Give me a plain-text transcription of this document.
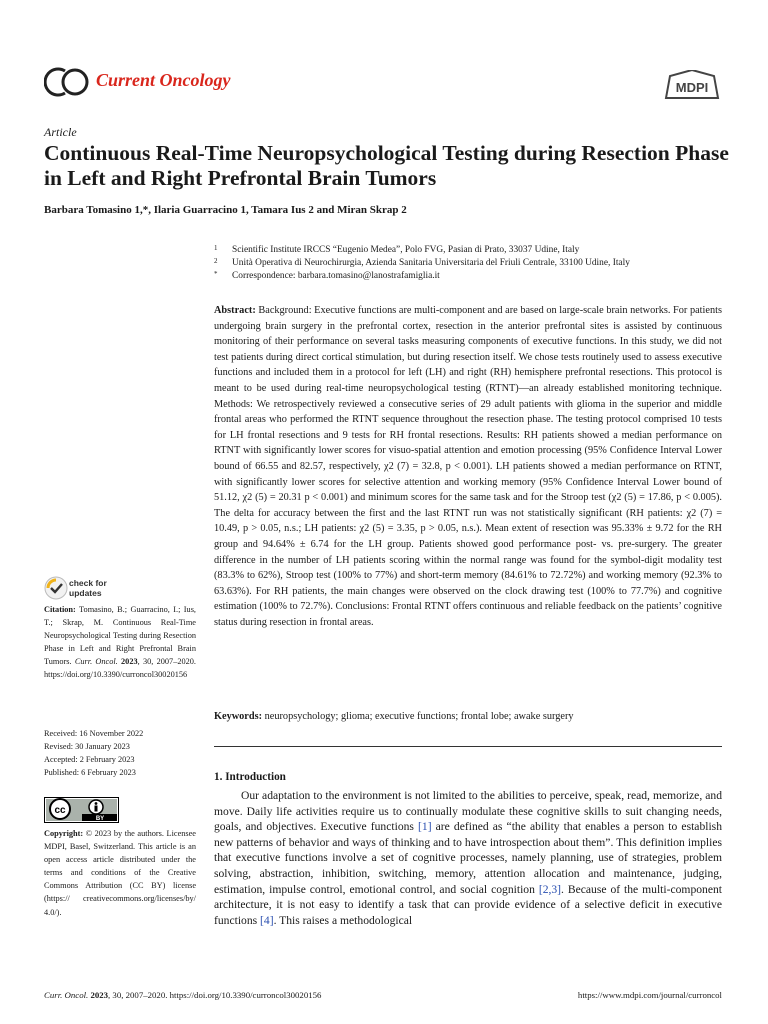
Current Oncology	MDPI
Article
Continuous Real-Time Neuropsychological Testing during Resection Phase in Left and Right Prefrontal Brain Tumors
Barbara Tomasino 1,*, Ilaria Guarracino 1, Tamara Ius 2 and Miran Skrap 2
1 Scientific Institute IRCCS “Eugenio Medea”, Polo FVG, Pasian di Prato, 33037 Udine, Italy
2 Unità Operativa di Neurochirurgia, Azienda Sanitaria Universitaria del Friuli Centrale, 33100 Udine, Italy
* Correspondence: barbara.tomasino@lanostrafamiglia.it
Abstract: Background: Executive functions are multi-component and are based on large-scale brain networks. For patients undergoing brain surgery in the prefrontal cortex, resection in the anterior prefrontal sites is assisted by continuous monitoring of their performance on several tasks measuring components of executive functions. In this study, we did not test patients during direct cortical stimulation, but during resection itself. We chose tests routinely used to assess executive functions and included them in a protocol for left (LH) and right (RH) hemisphere prefrontal resections. This protocol is meant to be used during real-time neuropsychological testing (RTNT)—an already established monitoring technique. Methods: We retrospectively reviewed a consecutive series of 29 adult patients with glioma in the superior and middle frontal areas who performed the RTNT sequence throughout the resection phase. The testing protocol comprised 10 tests for LH frontal resections and 9 tests for RH frontal resections. Results: RH patients showed a median performance on RTNT with significantly lower scores for visuo-spatial attention and emotion processing (95% Confidence Interval Lower bound of 66.55 and 82.57, respectively, χ2 (7) = 32.8, p < 0.001). LH patients showed a median performance on RTNT, with significantly lower scores for selective attention and working memory (95% Confidence Interval Lower bound of 51.12, χ2 (5) = 20.31 p < 0.001) and minimum scores for the same task and for the Stroop test (χ2 (5) = 17.86, p < 0.005). The delta for accuracy between the first and the last RTNT run was not statistically significant (RH patients: χ2 (7) = 10.49, p > 0.05, n.s.; LH patients: χ2 (5) = 3.35, p > 0.05, n.s.). Mean extent of resection was 95.33% ± 9.72 for the RH group and 94.64% ± 6.74 for the LH group. Patients showed good performance post- vs. pre-surgery. The greater difference in the number of LH patients scoring within the normal range was found for the symbol-digit modality test (83.3% to 62%), Stroop test (100% to 77%) and short-term memory (84.61% to 72.72%) and working memory (92.3% to 63.63%). For RH patients, the main changes were observed on the clock drawing test (100% to 77.7%) and cognitive estimation (100% to 72.7%). Conclusions: Frontal RTNT offers continuous and reliable feedback on the patients’ cognitive status during resection in frontal areas.
Keywords: neuropsychology; glioma; executive functions; frontal lobe; awake surgery
1. Introduction
Our adaptation to the environment is not limited to the abilities to perceive, speak, read, memorize, and move. Daily life activities require us to continually modulate these cognitive skills to suit changing needs, goals, and objectives. Executive functions [1] are defined as “the ability that enables a person to establish new patterns of behavior and ways of thinking and to have introspection about them”. This definition implies that executive functions involve a set of cognitive processes, namely planning, use of strategies, problem solving, abstraction, inhibition, switching, memory, attention allocation and maintenance, judging, estimation, impulse control, emotional control, and social cognition [2,3]. Because of the multi-component architecture, it is not easy to identify a task that can provide evidence of a selective deficit in executive functions [4]. This raises a methodological
check for
updates
Citation: Tomasino, B.; Guarracino, I.; Ius, T.; Skrap, M. Continuous Real-Time Neuropsychological Testing during Resection Phase in Left and Right Prefrontal Brain Tumors. Curr. Oncol. 2023, 30, 2007–2020. https://doi.org/10.3390/curroncol30020156
Received: 16 November 2022
Revised: 30 January 2023
Accepted: 2 February 2023
Published: 6 February 2023
cc
BY
Copyright: © 2023 by the authors. Licensee MDPI, Basel, Switzerland. This article is an open access article distributed under the terms and conditions of the Creative Commons Attribution (CC BY) license (https:// creativecommons.org/licenses/by/ 4.0/).
Curr. Oncol. 2023, 30, 2007–2020. https://doi.org/10.3390/curroncol30020156	https://www.mdpi.com/journal/curroncol
